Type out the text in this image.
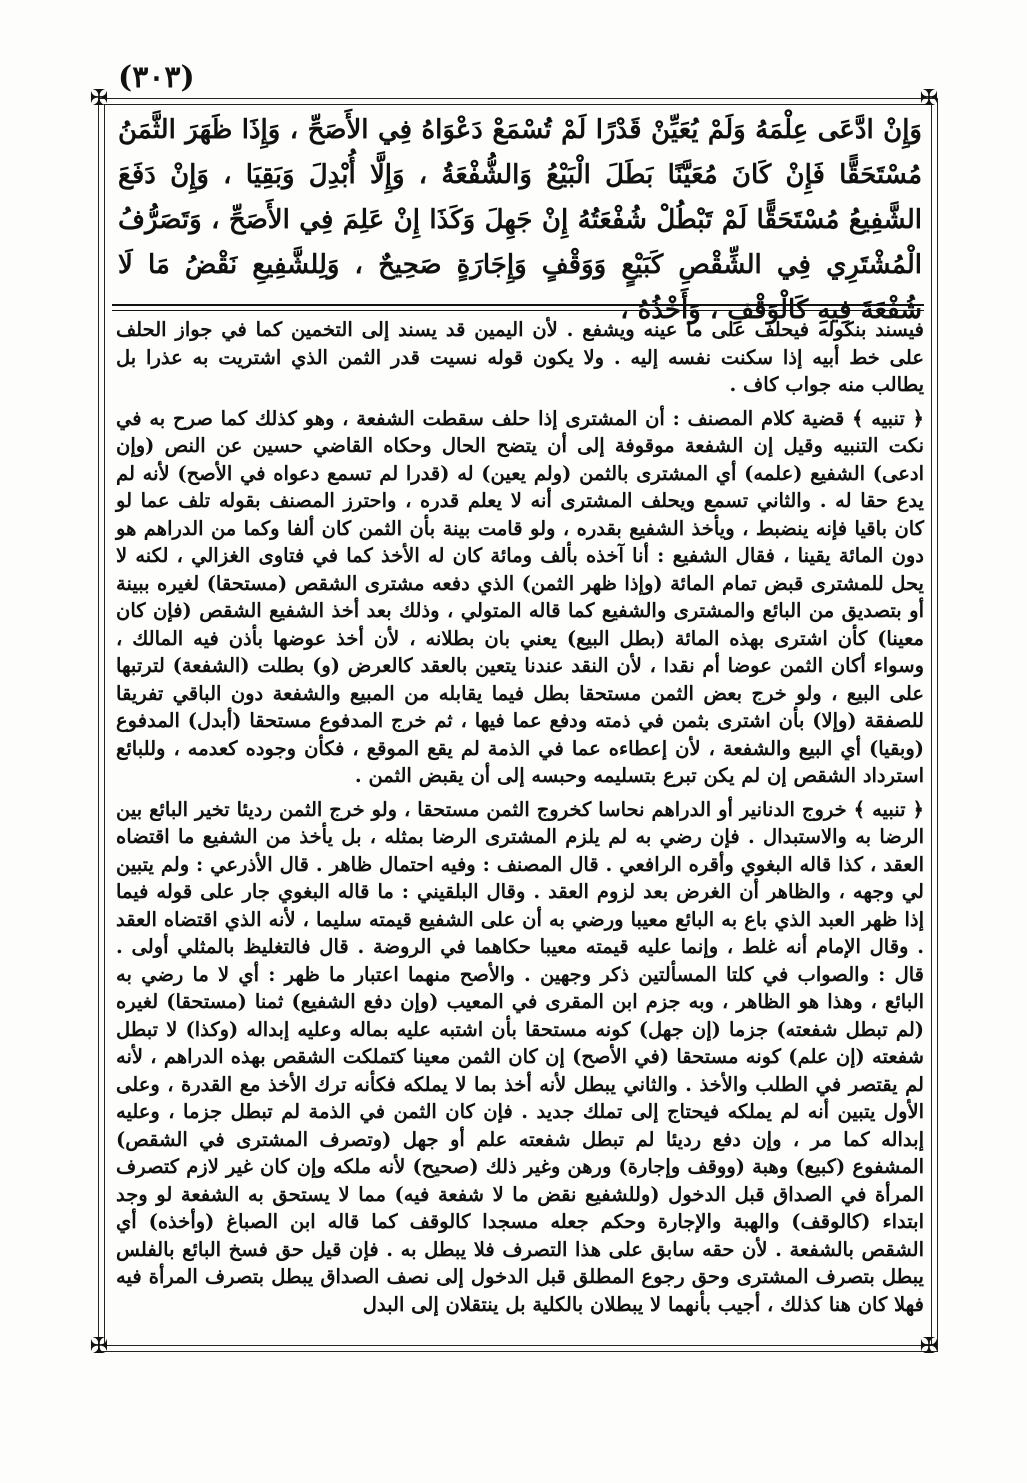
(٣٠٣)
✠	✠
✠	✠
وَإِنْ ادَّعَى عِلْمَهُ وَلَمْ يُعَيِّنْ قَدْرًا لَمْ تُسْمَعْ دَعْوَاهُ فِي الأَصَحِّ ، وَإِذَا ظَهَرَ الثَّمَنُ مُسْتَحَقًّا فَإِنْ كَانَ مُعَيَّنًا بَطَلَ الْبَيْعُ وَالشُّفْعَةُ ، وَإِلَّا أُبْدِلَ وَبَقِيَا ، وَإِنْ دَفَعَ الشَّفِيعُ مُسْتَحَقًّا لَمْ تَبْطُلْ شُفْعَتُهُ إِنْ جَهِلَ وَكَذَا إِنْ عَلِمَ فِي الأَصَحِّ ، وَتَصَرُّفُ الْمُشْتَرِي فِي الشِّقْصِ كَبَيْعٍ وَوَقْفٍ وَإِجَارَةٍ صَحِيحٌ ، وَلِلشَّفِيعِ نَقْضُ مَا لَا شُفْعَةَ فِيهِ كَالْوَقْفِ ، وَأَخْذُهُ ،

فيسند بنكوله فيحلف على ما عينه ويشفع . لأن اليمين قد يسند إلى التخمين كما في جواز الحلف على خط أبيه إذا سكنت نفسه إليه . ولا يكون قوله نسيت قدر الثمن الذي اشتريت به عذرا بل يطالب منه جواب كاف .

﴿ تنبيه ﴾ قضية كلام المصنف : أن المشترى إذا حلف سقطت الشفعة ، وهو كذلك كما صرح به في نكت التنبيه وقيل إن الشفعة موقوفة إلى أن يتضح الحال وحكاه القاضي حسين عن النص (وإن ادعى) الشفيع (علمه) أي المشترى بالثمن (ولم يعين) له (قدرا لم تسمع دعواه في الأصح) لأنه لم يدع حقا له . والثاني تسمع ويحلف المشترى أنه لا يعلم قدره ، واحترز المصنف بقوله تلف عما لو كان باقيا فإنه ينضبط ، ويأخذ الشفيع بقدره ، ولو قامت بينة بأن الثمن كان ألفا وكما من الدراهم هو دون المائة يقينا ، فقال الشفيع : أنا آخذه بألف ومائة كان له الأخذ كما في فتاوى الغزالي ، لكنه لا يحل للمشترى قبض تمام المائة (وإذا ظهر الثمن) الذي دفعه مشترى الشقص (مستحقا) لغيره ببينة أو بتصديق من البائع والمشترى والشفيع كما قاله المتولي ، وذلك بعد أخذ الشفيع الشقص (فإن كان معينا) كأن اشترى بهذه المائة (بطل البيع) يعني بان بطلانه ، لأن أخذ عوضها بأذن فيه المالك ، وسواء أكان الثمن عوضا أم نقدا ، لأن النقد عندنا يتعين بالعقد كالعرض (و) بطلت (الشفعة) لترتبها على البيع ، ولو خرج بعض الثمن مستحقا بطل فيما يقابله من المبيع والشفعة دون الباقي تفريقا للصفقة (وإلا) بأن اشترى بثمن في ذمته ودفع عما فيها ، ثم خرج المدفوع مستحقا (أبدل) المدفوع (وبقيا) أي البيع والشفعة ، لأن إعطاءه عما في الذمة لم يقع الموقع ، فكأن وجوده كعدمه ، وللبائع استرداد الشقص إن لم يكن تبرع بتسليمه وحبسه إلى أن يقبض الثمن .

﴿ تنبيه ﴾ خروج الدنانير أو الدراهم نحاسا كخروج الثمن مستحقا ، ولو خرج الثمن رديئا تخير البائع بين الرضا به والاستبدال . فإن رضي به لم يلزم المشترى الرضا بمثله ، بل يأخذ من الشفيع ما اقتضاه العقد ، كذا قاله البغوي وأقره الرافعي . قال المصنف : وفيه احتمال ظاهر . قال الأذرعي : ولم يتبين لي وجهه ، والظاهر أن الغرض بعد لزوم العقد . وقال البلقيني : ما قاله البغوي جار على قوله فيما إذا ظهر العبد الذي باع به البائع معيبا ورضي به أن على الشفيع قيمته سليما ، لأنه الذي اقتضاه العقد . وقال الإمام أنه غلط ، وإنما عليه قيمته معيبا حكاهما في الروضة . قال فالتغليظ بالمثلي أولى . قال : والصواب في كلتا المسألتين ذكر وجهين . والأصح منهما اعتبار ما ظهر : أي لا ما رضي به البائع ، وهذا هو الظاهر ، وبه جزم ابن المقرى في المعيب (وإن دفع الشفيع) ثمنا (مستحقا) لغيره (لم تبطل شفعته) جزما (إن جهل) كونه مستحقا بأن اشتبه عليه بماله وعليه إبداله (وكذا) لا تبطل شفعته (إن علم) كونه مستحقا (في الأصح) إن كان الثمن معينا كتملكت الشقص بهذه الدراهم ، لأنه لم يقتصر في الطلب والأخذ . والثاني يبطل لأنه أخذ بما لا يملكه فكأنه ترك الأخذ مع القدرة ، وعلى الأول يتبين أنه لم يملكه فيحتاج إلى تملك جديد . فإن كان الثمن في الذمة لم تبطل جزما ، وعليه إبداله كما مر ، وإن دفع رديئا لم تبطل شفعته علم أو جهل (وتصرف المشترى في الشقص) المشفوع (كبيع) وهبة (ووقف وإجارة) ورهن وغير ذلك (صحيح) لأنه ملكه وإن كان غير لازم كتصرف المرأة في الصداق قبل الدخول (وللشفيع نقض ما لا شفعة فيه) مما لا يستحق به الشفعة لو وجد ابتداء (كالوقف) والهبة والإجارة وحكم جعله مسجدا كالوقف كما قاله ابن الصباغ (وأخذه) أي الشقص بالشفعة . لأن حقه سابق على هذا التصرف فلا يبطل به . فإن قيل حق فسخ البائع بالفلس يبطل بتصرف المشترى وحق رجوع المطلق قبل الدخول إلى نصف الصداق يبطل بتصرف المرأة فيه فهلا كان هنا كذلك ، أجيب بأنهما لا يبطلان بالكلية بل ينتقلان إلى البدل
